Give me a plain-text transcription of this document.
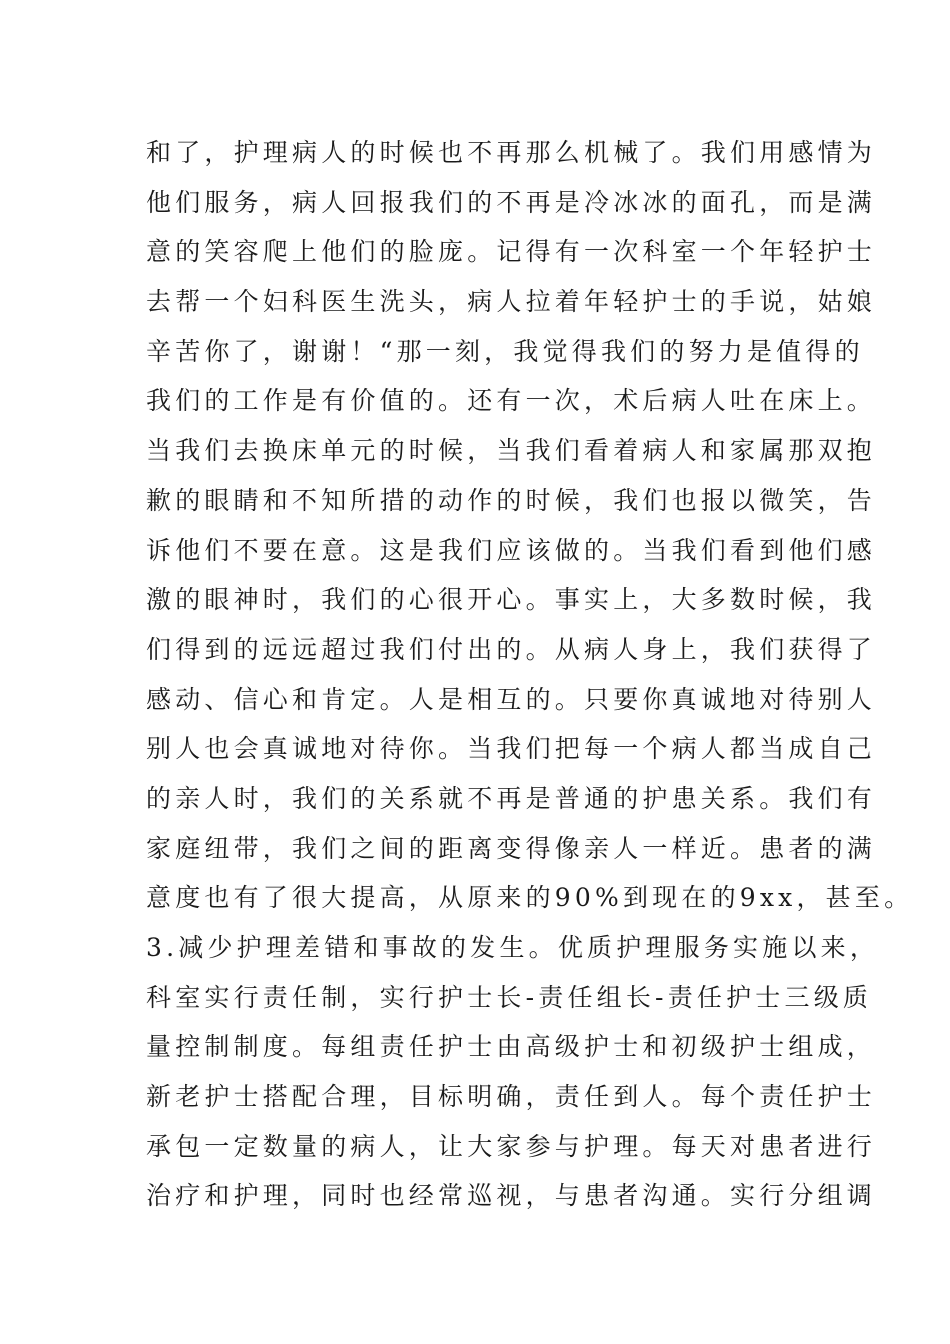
和了，护理病人的时候也不再那么机械了。我们用感情为
他们服务，病人回报我们的不再是冷冰冰的面孔，而是满
意的笑容爬上他们的脸庞。记得有一次科室一个年轻护士
去帮一个妇科医生洗头，病人拉着年轻护士的手说，姑娘
辛苦你了，谢谢！“那一刻，我觉得我们的努力是值得的
我们的工作是有价值的。还有一次，术后病人吐在床上。
当我们去换床单元的时候，当我们看着病人和家属那双抱
歉的眼睛和不知所措的动作的时候，我们也报以微笑，告
诉他们不要在意。这是我们应该做的。当我们看到他们感
激的眼神时，我们的心很开心。事实上，大多数时候，我
们得到的远远超过我们付出的。从病人身上，我们获得了
感动、信心和肯定。人是相互的。只要你真诚地对待别人
别人也会真诚地对待你。当我们把每一个病人都当成自己
的亲人时，我们的关系就不再是普通的护患关系。我们有
家庭纽带，我们之间的距离变得像亲人一样近。患者的满
意度也有了很大提高，从原来的90%到现在的9xx，甚至。
3.减少护理差错和事故的发生。优质护理服务实施以来，
科室实行责任制，实行护士长-责任组长-责任护士三级质
量控制制度。每组责任护士由高级护士和初级护士组成，
新老护士搭配合理，目标明确，责任到人。每个责任护士
承包一定数量的病人，让大家参与护理。每天对患者进行
治疗和护理，同时也经常巡视，与患者沟通。实行分组调
